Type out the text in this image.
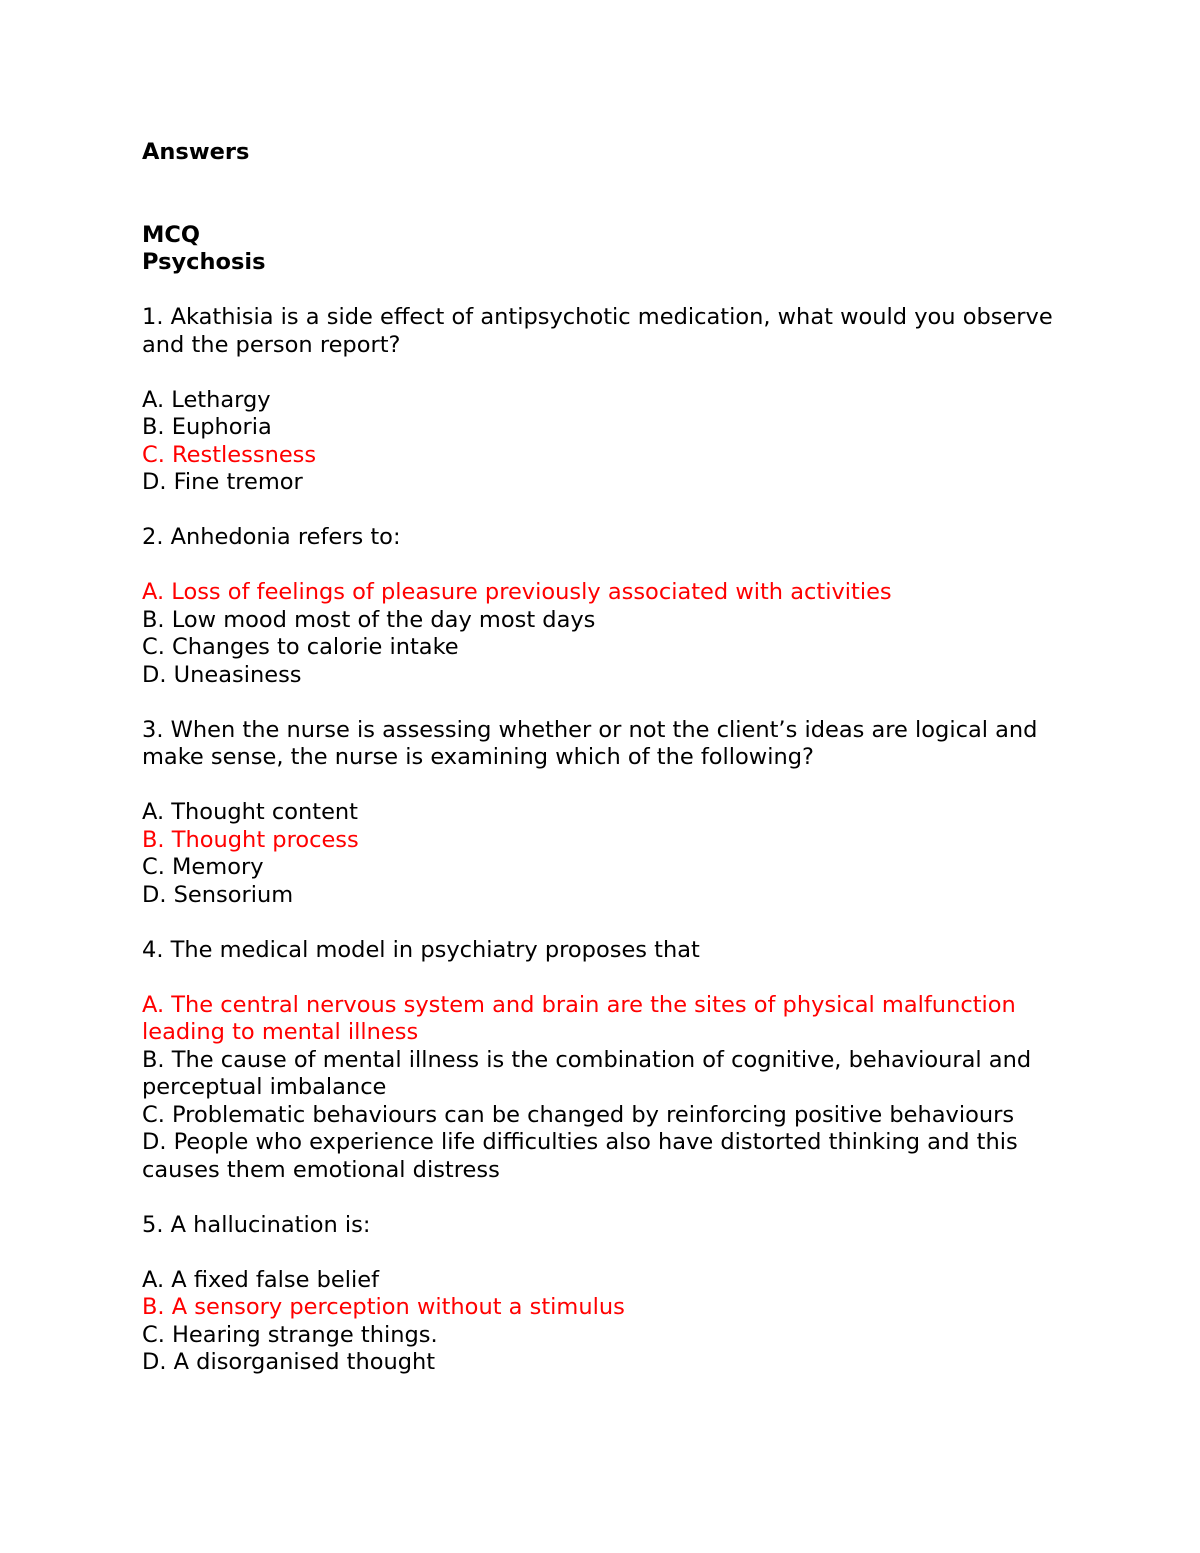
Answers
MCQ
Psychosis
1. Akathisia is a side effect of antipsychotic medication, what would you observe and the person report?
A. Lethargy
B. Euphoria
C. Restlessness
D. Fine tremor
2. Anhedonia refers to:
A. Loss of feelings of pleasure previously associated with activities
B. Low mood most of the day most days
C. Changes to calorie intake
D. Uneasiness
3. When the nurse is assessing whether or not the client’s ideas are logical and make sense, the nurse is examining which of the following?
A. Thought content
B. Thought process
C. Memory
D. Sensorium
4. The medical model in psychiatry proposes that
A. The central nervous system and brain are the sites of physical malfunction leading to mental illness
B. The cause of mental illness is the combination of cognitive, behavioural and perceptual imbalance
C. Problematic behaviours can be changed by reinforcing positive behaviours
D. People who experience life difficulties also have distorted thinking and this causes them emotional distress
5. A hallucination is:
A. A fixed false belief
B. A sensory perception without a stimulus
C. Hearing strange things.
D. A disorganised thought
